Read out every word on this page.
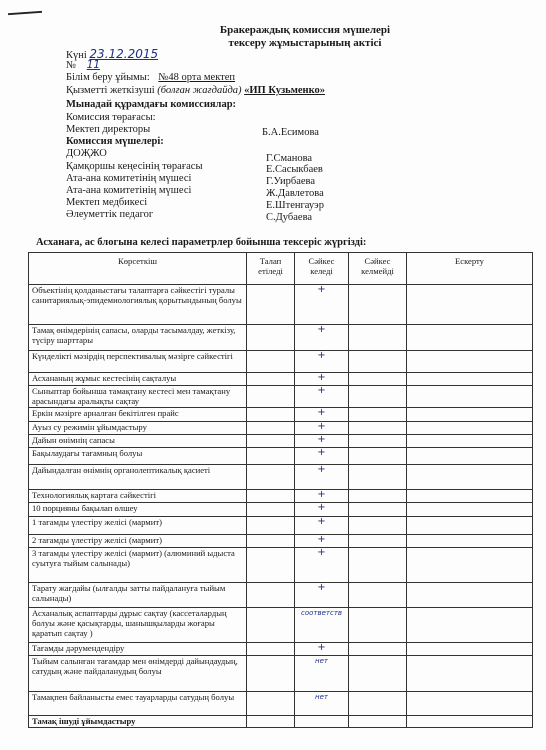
Бракераждық комиссия мүшелері
тексеру жұмыстарының актісі
Күні 23.12.2015
№ 11
Білім беру ұйымы: №48 орта мектеп
Қызметті жеткізуші (болған жағдайда) «ИП Кузьменко»
Мынадай құрамдағы комиссиялар:
Комиссия төрағасы:
Мектеп директоры	Б.А.Есимова
Комиссия мүшелері:
ДОҖЖО	Г.Сманова
Қамқоршы кеңесінің төрағасы	Е.Сасыкбаев
Ата-ана комитетінің мүшесі	Г.Уирбаева
Ата-ана комитетінің мүшесі	Ж.Давлетова
Мектеп медбикесі	Е.Штенгауэр
Әлеуметтік педагог	С.Дубаева
Асханаға, ас блогына келесі параметрлер бойынша тексеріс жүргізді:
Көрсеткіш	Талап етіледі	Сәйкес келеді	Сәйкес келмейді	Ескерту
Объектінің қолданыстағы талаптарға сәйкестігі туралы санитариялық-эпидемиологиялық қорытындының болуы		+		
Тамақ өнімдерінің сапасы, оларды тасымалдау, жеткізу, түсіру шарттары		+		
Күнделікті мәзірдің перспективалық мәзірге сәйкестігі		+		
Асхананың жұмыс кестесінің сақталуы		+		
Сыныптар бойынша тамақтану кестесі мен тамақтану арасындағы аралықты сақтау		+		
Еркін мәзірге арналған бекітілген прайс		+		
Ауыз су режимін ұйымдастыру		+		
Дайын өнімнің сапасы		+		
Бақылаудағы тағамның болуы		+		
Дайындалған өнімнің органолептикалық қасиеті		+		
Технологиялық картаға сәйкестігі		+		
10 порцияны бақылап өлшеу		+		
1 тағамды үлестіру желісі (мармит)		+		
2 тағамды үлестіру желісі (мармит)		+		
3 тағамды үлестіру желісі (мармит) (алюминий ыдыста суытуға тыйым салынады)		+		
Тарату жағдайы (ылғалды затты пайдалануға тыйым салынады)		+		
Асханалық аспаптарды дұрыс сақтау (кассеталардың болуы және қасықтарды, шанышқыларды жоғары қаратып сақтау )		соответств		
Тағамды дәрумендендіру		+		
Тыйым салынған тағамдар мен өнімдерді дайындаудың, сатудың және пайдаланудың болуы		нет		
Тамақпен байланысты емес тауарларды сатудың болуы		нет		
Тамақ ішуді ұйымдастыру				
